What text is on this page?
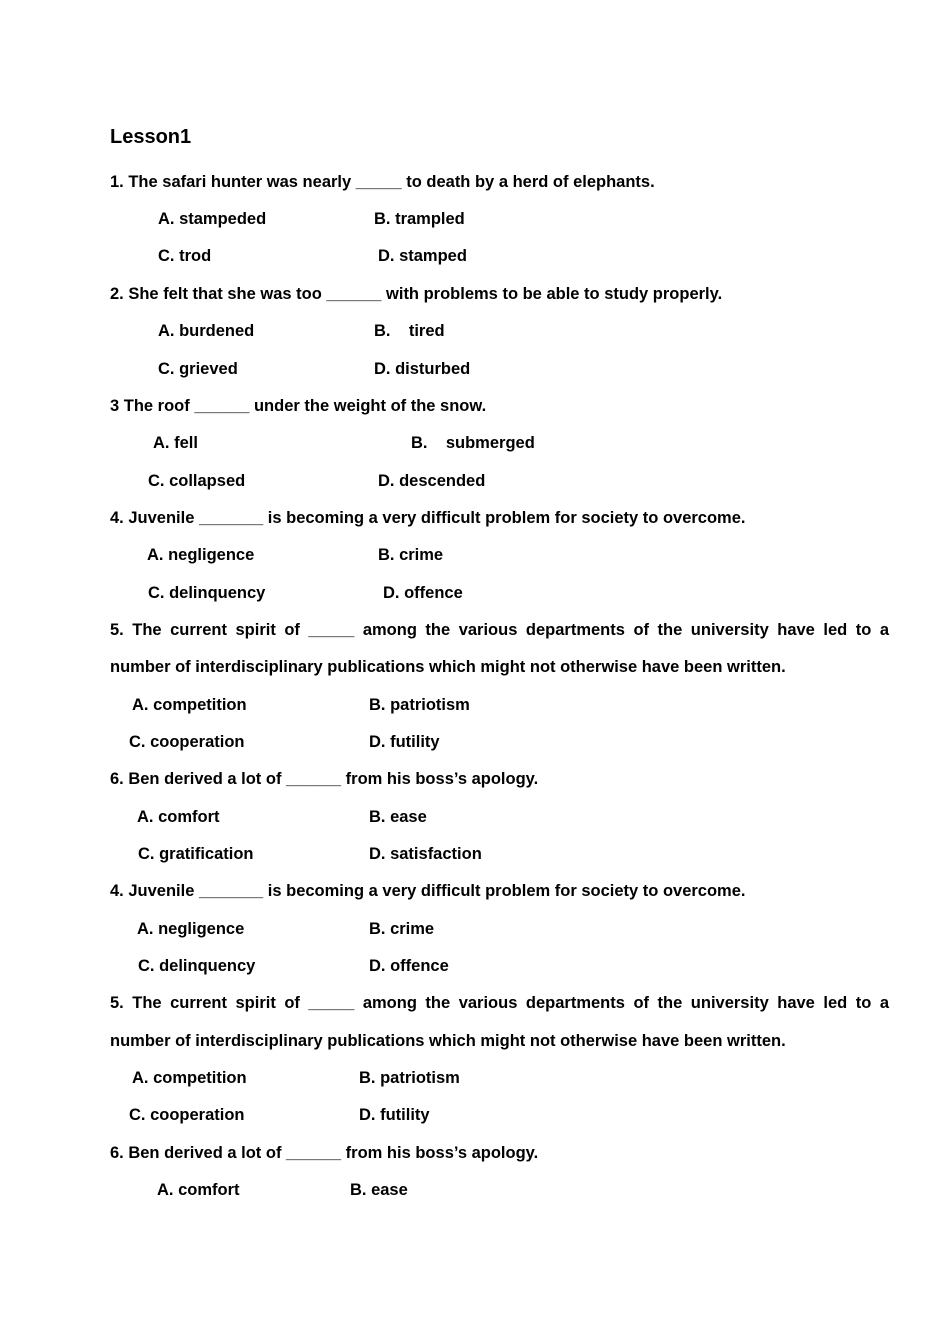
Lesson1
1. The safari hunter was nearly _____ to death by a herd of elephants.
A. stampeded	B. trampled
C. trod	D. stamped
2. She felt that she was too ______ with problems to be able to study properly.
A. burdened	B.    tired
C. grieved	D. disturbed
3 The roof ______ under the weight of the snow.
A. fell	B.    submerged
C. collapsed	D. descended
4. Juvenile _______ is becoming a very difficult problem for society to overcome.
A. negligence	B. crime
C. delinquency	D. offence
5. The current spirit of _____ among the various departments of the university have led to a
number of interdisciplinary publications which might not otherwise have been written.
A. competition	B. patriotism
C. cooperation	D. futility
6. Ben derived a lot of ______ from his boss’s apology.
A. comfort	B. ease
C. gratification	D. satisfaction
4. Juvenile _______ is becoming a very difficult problem for society to overcome.
A. negligence	B. crime
C. delinquency	D. offence
5. The current spirit of _____ among the various departments of the university have led to a
number of interdisciplinary publications which might not otherwise have been written.
A. competition	B. patriotism
C. cooperation	D. futility
6. Ben derived a lot of ______ from his boss’s apology.
A. comfort	B. ease
